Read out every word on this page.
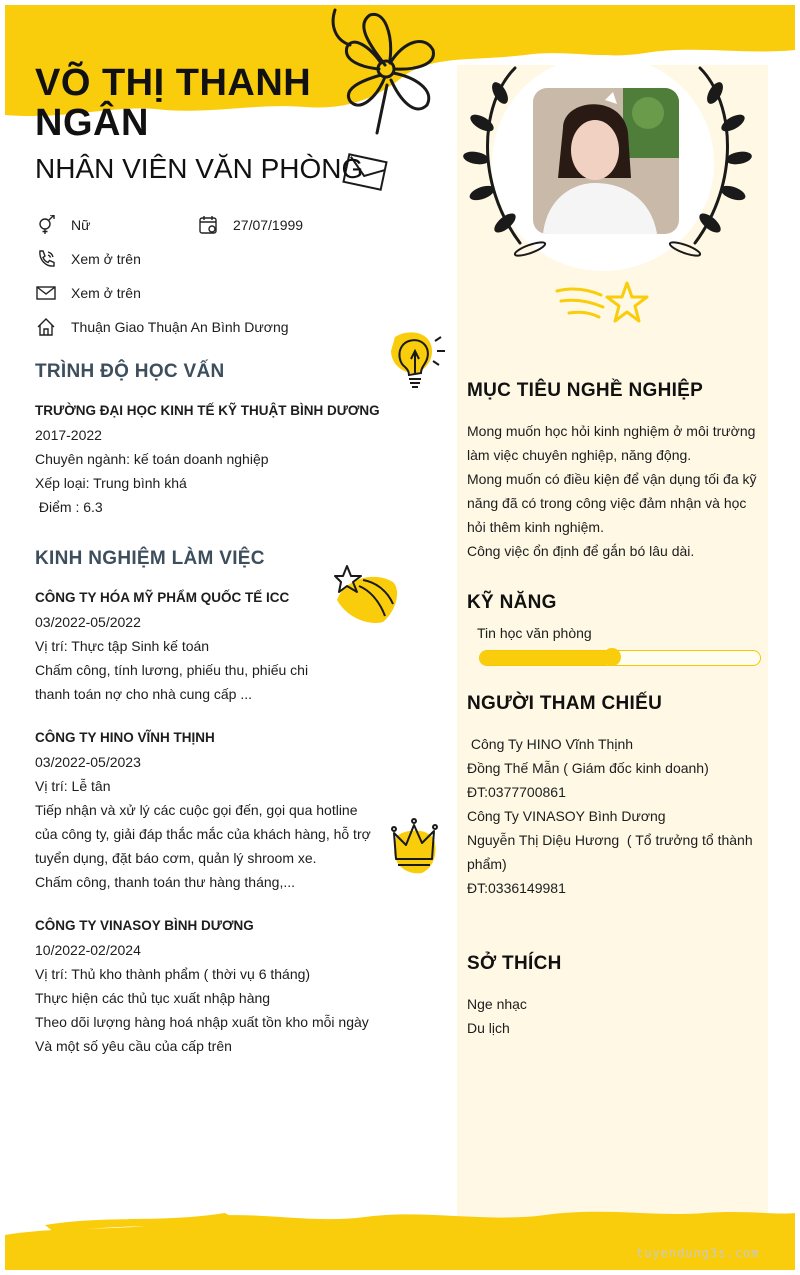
VÕ THỊ THANH
NGÂN
NHÂN VIÊN VĂN PHÒNG
Nữ	27/07/1999
Xem ở trên
Xem ở trên
Thuận Giao Thuận An Bình Dương
TRÌNH ĐỘ HỌC VẤN
TRƯỜNG ĐẠI HỌC KINH TẾ KỸ THUẬT BÌNH DƯƠNG
2017-2022
Chuyên ngành: kế toán doanh nghiệp
Xếp loại: Trung bình khá
Điểm : 6.3
KINH NGHIỆM LÀM VIỆC
CÔNG TY HÓA MỸ PHẨM QUỐC TẾ ICC
03/2022-05/2022
Vị trí: Thực tập Sinh kế toán
Chấm công, tính lương, phiếu thu, phiếu chi
thanh toán nợ cho nhà cung cấp ...
CÔNG TY HINO VĨNH THỊNH
03/2022-05/2023
Vị trí: Lễ tân
Tiếp nhận và xử lý các cuộc gọi đến, gọi qua hotline
của công ty, giải đáp thắc mắc của khách hàng, hỗ trợ
tuyển dụng, đặt báo cơm, quản lý shroom xe.
Chấm công, thanh toán thư hàng tháng,...
CÔNG TY VINASOY BÌNH DƯƠNG
10/2022-02/2024
Vị trí: Thủ kho thành phẩm ( thời vụ 6 tháng)
Thực hiện các thủ tục xuất nhập hàng
Theo dõi lượng hàng hoá nhập xuất tồn kho mỗi ngày
Và một số yêu cầu của cấp trên
MỤC TIÊU NGHỀ NGHIỆP
Mong muốn học hỏi kinh nghiệm ở môi trường
làm việc chuyên nghiệp, năng động.
Mong muốn có điều kiện để vận dụng tối đa kỹ
năng đã có trong công việc đảm nhận và học
hỏi thêm kinh nghiệm.
Công việc ổn định để gắn bó lâu dài.
KỸ NĂNG
Tin học văn phòng
NGƯỜI THAM CHIẾU
Công Ty HINO Vĩnh Thịnh
Đồng Thế Mẫn ( Giám đốc kinh doanh)
ĐT:0377700861
Công Ty VINASOY Bình Dương
Nguyễn Thị Diệu Hương  ( Tổ trưởng tổ thành
phẩm)
ĐT:0336149981
SỞ THÍCH
Nge nhạc
Du lịch
tuyendung3s.com
